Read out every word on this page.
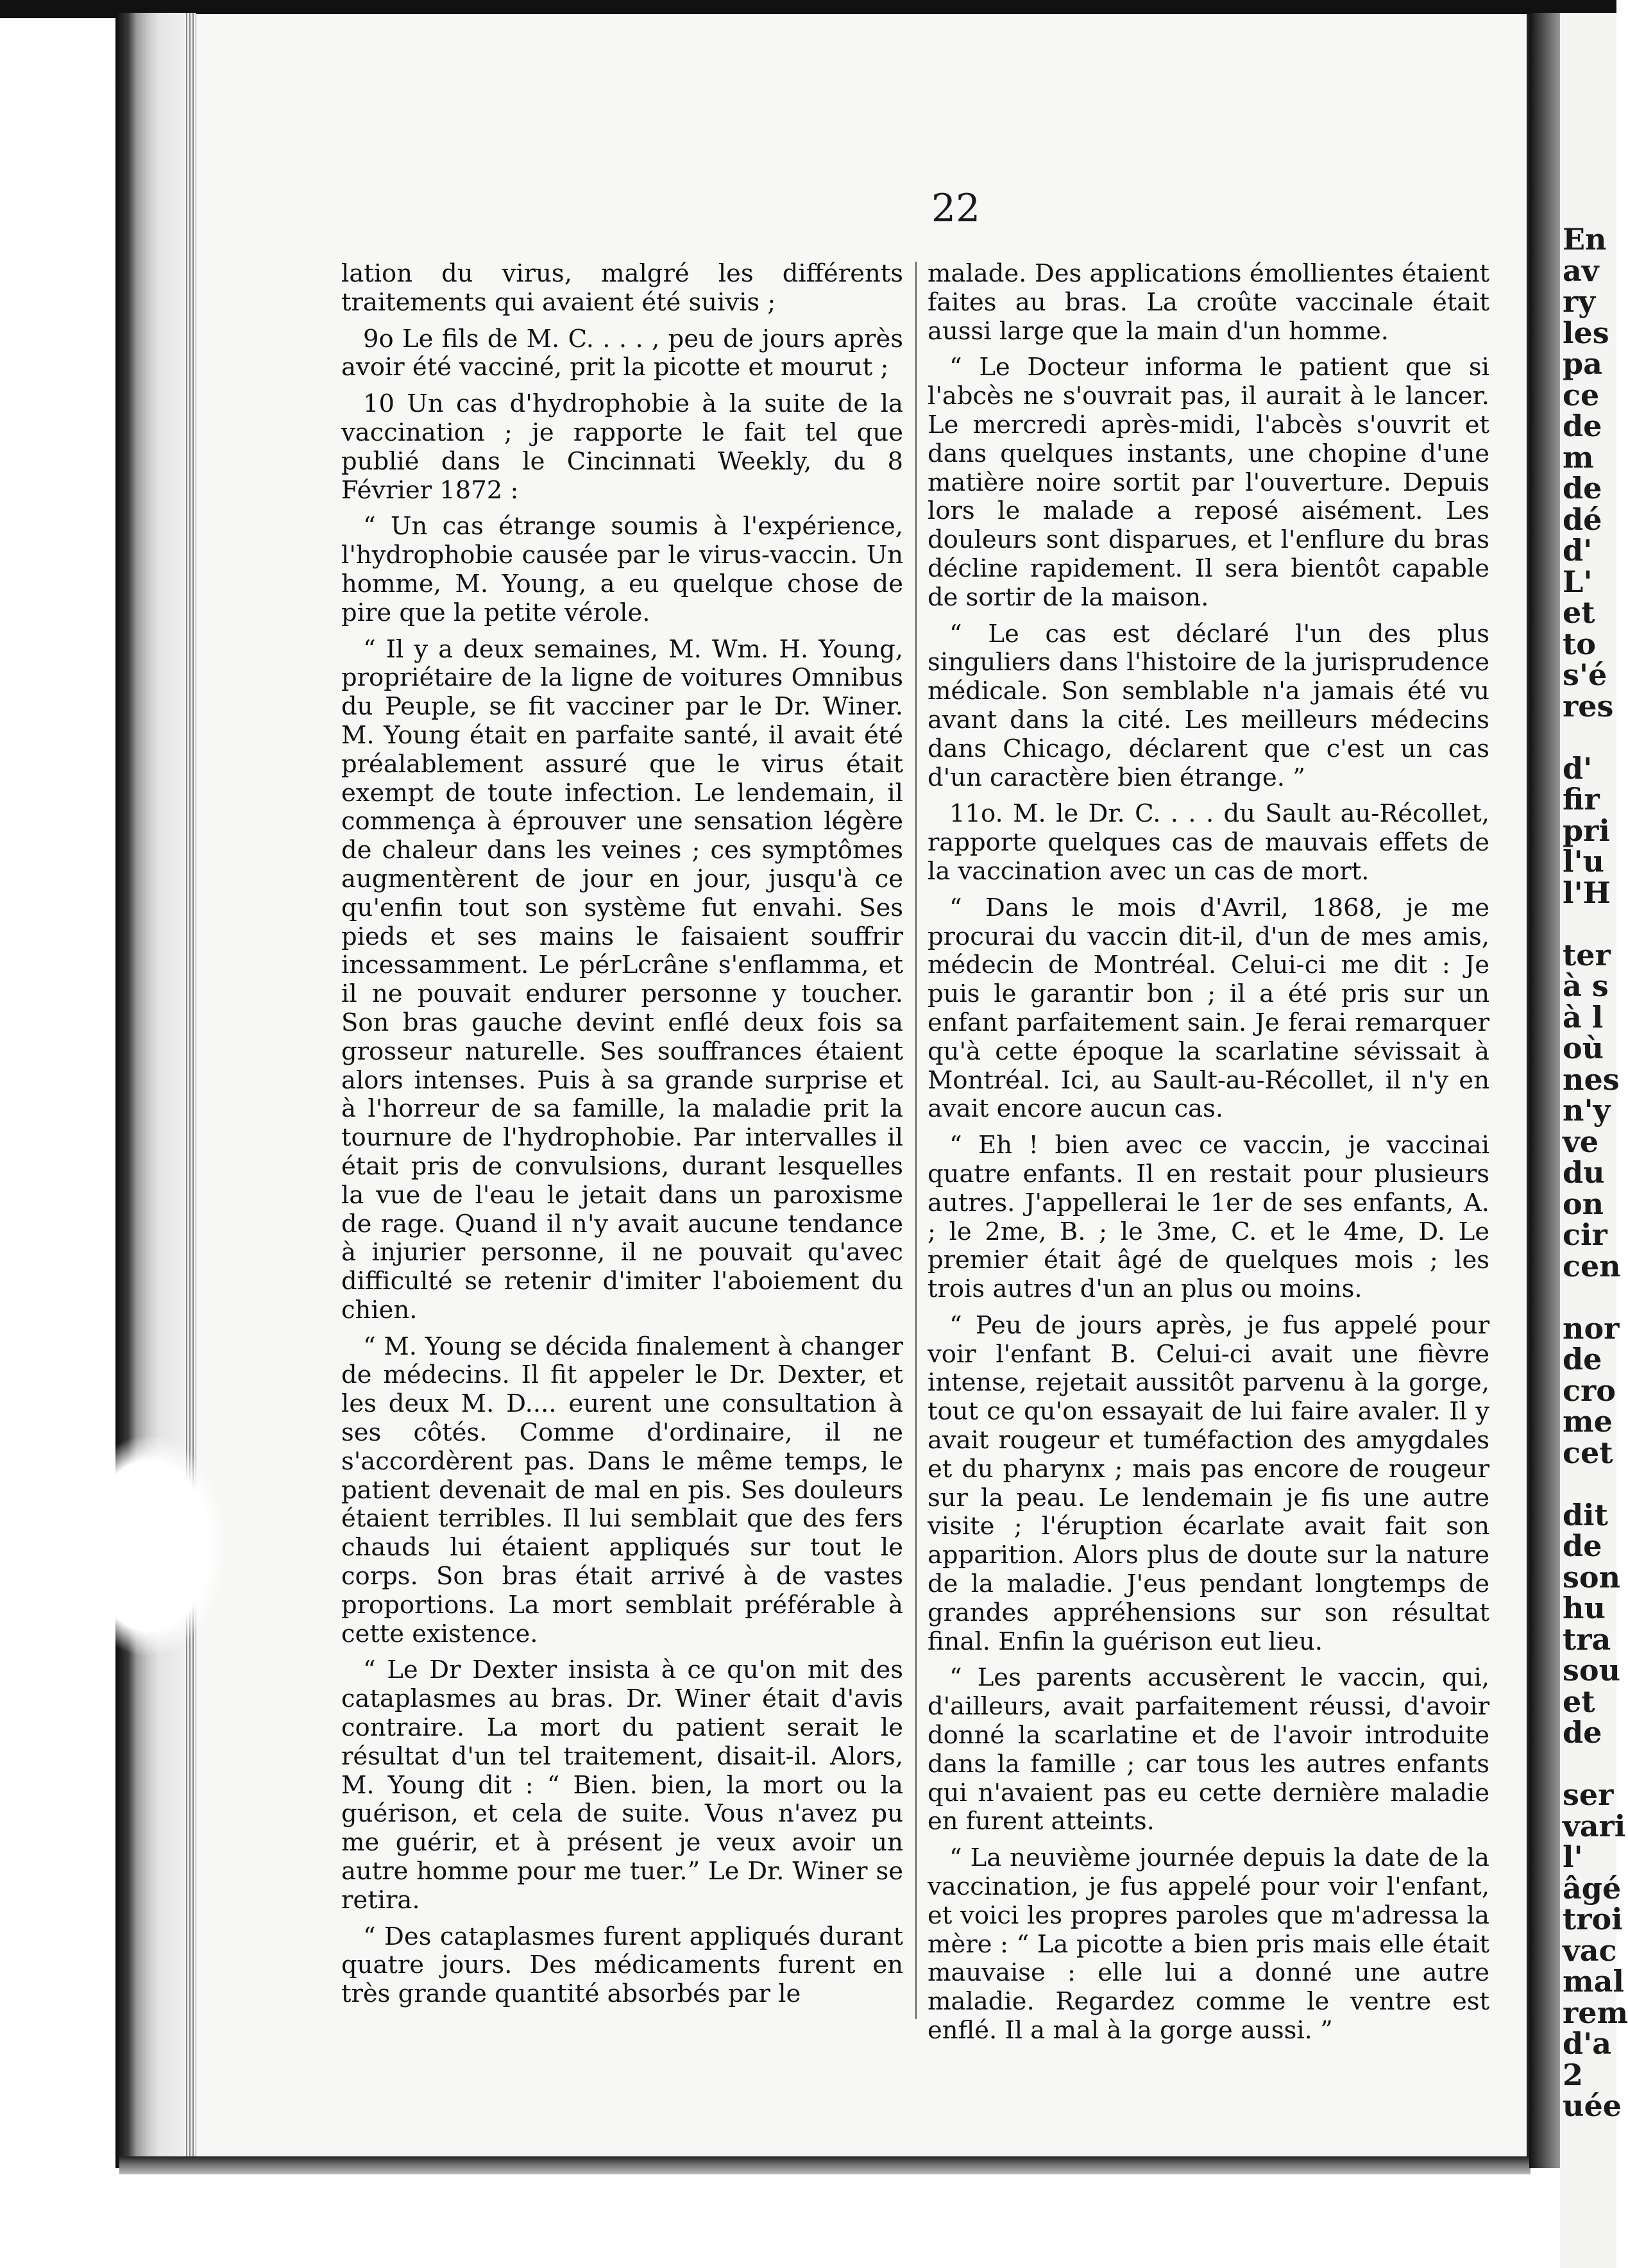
En
av
ry
les
pa
ce
de
m
de
dé
d'
L'
et
to
s'é
res
d'
fir
pri
l'u
l'H
ter
à s
à l
où
nes
n'y
ve
du
on
cir
cen
nor
de
cro
me
cet
dit
de
son
hu
tra
sou
et
de
ser
vari
l'
âgé
troi
vac
mal
rem
d'a
2
uée
22

lation du virus, malgré les différents traitements qui avaient été suivis ;

9o Le fils de M. C. . . . , peu de jours après avoir été vacciné, prit la picotte et mourut ;

10 Un cas d'hydrophobie à la suite de la vaccination ; je rapporte le fait tel que publié dans le Cincinnati Weekly, du 8 Février 1872 :

“ Un cas étrange soumis à l'expérience, l'hydrophobie causée par le virus-vaccin. Un homme, M. Young, a eu quelque chose de pire que la petite vérole.

“ Il y a deux semaines, M. Wm. H. Young, propriétaire de la ligne de voitures Omnibus du Peuple, se fit vacciner par le Dr. Winer. M. Young était en parfaite santé, il avait été préalablement assuré que le virus était exempt de toute infection. Le lendemain, il commença à éprouver une sensation légère de chaleur dans les veines ; ces symptômes augmentèrent de jour en jour, jusqu'à ce qu'enfin tout son système fut envahi. Ses pieds et ses mains le faisaient souffrir incessamment. Le pérLcrâne s'enflamma, et il ne pouvait endurer personne y toucher. Son bras gauche devint enflé deux fois sa grosseur naturelle. Ses souffrances étaient alors intenses. Puis à sa grande surprise et à l'horreur de sa famille, la maladie prit la tournure de l'hydrophobie. Par intervalles il était pris de convulsions, durant lesquelles la vue de l'eau le jetait dans un paroxisme de rage. Quand il n'y avait aucune tendance à injurier personne, il ne pouvait qu'avec difficulté se retenir d'imiter l'aboiement du chien.

“ M. Young se décida finalement à changer de médecins. Il fit appeler le Dr. Dexter, et les deux M. D.... eurent une consultation à ses côtés. Comme d'ordinaire, il ne s'accordèrent pas. Dans le même temps, le patient devenait de mal en pis. Ses douleurs étaient terribles. Il lui semblait que des fers chauds lui étaient appliqués sur tout le corps. Son bras était arrivé à de vastes proportions. La mort semblait préférable à cette existence.

“ Le Dr Dexter insista à ce qu'on mit des cataplasmes au bras. Dr. Winer était d'avis contraire. La mort du patient serait le résultat d'un tel traitement, disait-il. Alors, M. Young dit : “ Bien. bien, la mort ou la guérison, et cela de suite. Vous n'avez pu me guérir, et à présent je veux avoir un autre homme pour me tuer.” Le Dr. Winer se retira.

“ Des cataplasmes furent appliqués durant quatre jours. Des médicaments furent en très grande quantité absorbés par le

malade. Des applications émollientes étaient faites au bras. La croûte vaccinale était aussi large que la main d'un homme.

“ Le Docteur informa le patient que si l'abcès ne s'ouvrait pas, il aurait à le lancer. Le mercredi après-midi, l'abcès s'ouvrit et dans quelques instants, une chopine d'une matière noire sortit par l'ouverture. Depuis lors le malade a reposé aisément. Les douleurs sont disparues, et l'enflure du bras décline rapidement. Il sera bientôt capable de sortir de la maison.

“ Le cas est déclaré l'un des plus singuliers dans l'histoire de la jurisprudence médicale. Son semblable n'a jamais été vu avant dans la cité. Les meilleurs médecins dans Chicago, déclarent que c'est un cas d'un caractère bien étrange. ”

11o. M. le Dr. C. . . . du Sault au-Récollet, rapporte quelques cas de mauvais effets de la vaccination avec un cas de mort.

“ Dans le mois d'Avril, 1868, je me procurai du vaccin dit-il, d'un de mes amis, médecin de Montréal. Celui-ci me dit : Je puis le garantir bon ; il a été pris sur un enfant parfaitement sain. Je ferai remarquer qu'à cette époque la scarlatine sévissait à Montréal. Ici, au Sault-au-Récollet, il n'y en avait encore aucun cas.

“ Eh ! bien avec ce vaccin, je vaccinai quatre enfants. Il en restait pour plusieurs autres. J'appellerai le 1er de ses enfants, A. ; le 2me, B. ; le 3me, C. et le 4me, D. Le premier était âgé de quelques mois ; les trois autres d'un an plus ou moins.

“ Peu de jours après, je fus appelé pour voir l'enfant B. Celui-ci avait une fièvre intense, rejetait aussitôt parvenu à la gorge, tout ce qu'on essayait de lui faire avaler. Il y avait rougeur et tuméfaction des amygdales et du pharynx ; mais pas encore de rougeur sur la peau. Le lendemain je fis une autre visite ; l'éruption écarlate avait fait son apparition. Alors plus de doute sur la nature de la maladie. J'eus pendant longtemps de grandes appréhensions sur son résultat final. Enfin la guérison eut lieu.

“ Les parents accusèrent le vaccin, qui, d'ailleurs, avait parfaitement réussi, d'avoir donné la scarlatine et de l'avoir introduite dans la famille ; car tous les autres enfants qui n'avaient pas eu cette dernière maladie en furent atteints.

“ La neuvième journée depuis la date de la vaccination, je fus appelé pour voir l'enfant, et voici les propres paroles que m'adressa la mère : “ La picotte a bien pris mais elle était mauvaise : elle lui a donné une autre maladie. Regardez comme le ventre est enflé. Il a mal à la gorge aussi. ”
